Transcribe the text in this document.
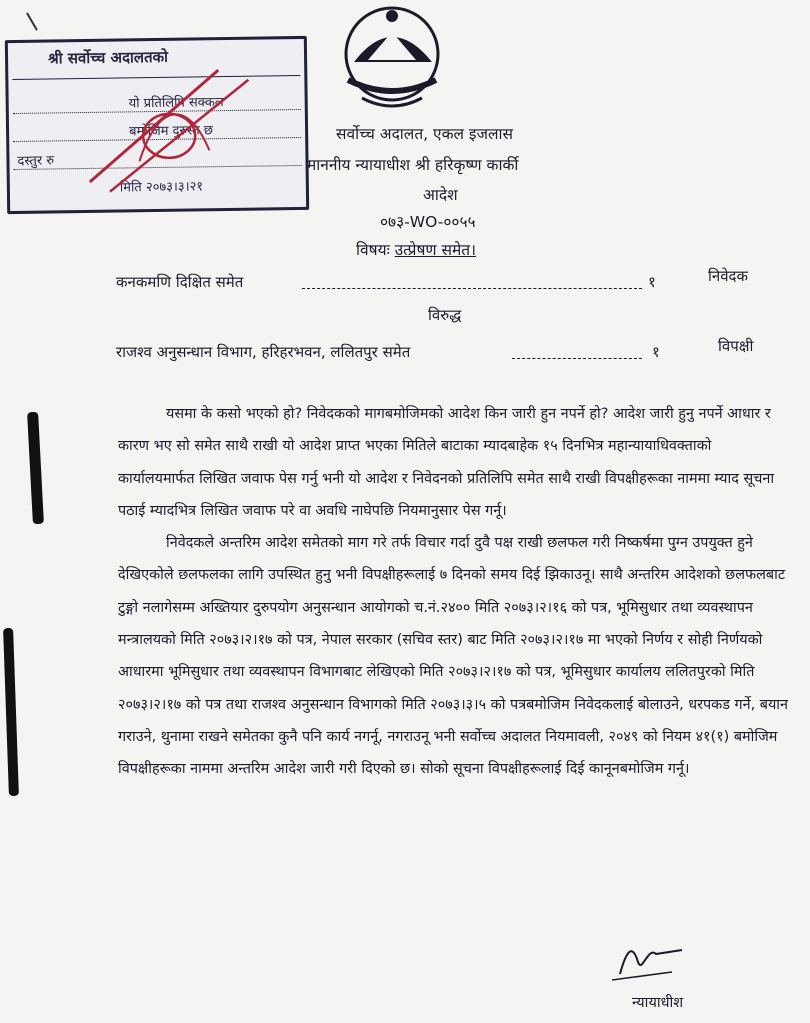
श्री सर्वोच्च अदालतको
यो प्रतिलिपि सक्कल
बमोजिम दुरुस्त छ
दस्तुर रु
मिति २०७३।३।२१
सर्वोच्च अदालत, एकल इजलास
माननीय न्यायाधीश श्री हरिकृष्ण कार्की
आदेश
०७३-WO-००५५
विषयः उत्प्रेषण समेत।
कनकमणि दिक्षित समेत	१	निवेदक
विरुद्ध
राजश्व अनुसन्धान विभाग, हरिहरभवन, ललितपुर समेत	१	विपक्षी

यसमा के कसो भएको हो? निवेदकको मागबमोजिमको आदेश किन जारी हुन नपर्ने हो? आदेश जारी हुनु नपर्ने आधार र कारण भए सो समेत साथै राखी यो आदेश प्राप्त भएका मितिले बाटाका म्यादबाहेक १५ दिनभित्र महान्यायाधिवक्ताको कार्यालयमार्फत लिखित जवाफ पेस गर्नु भनी यो आदेश र निवेदनको प्रतिलिपि समेत साथै राखी विपक्षीहरूका नाममा म्याद सूचना पठाई म्यादभित्र लिखित जवाफ परे वा अवधि नाघेपछि नियमानुसार पेस गर्नू।

निवेदकले अन्तरिम आदेश समेतको माग गरे तर्फ विचार गर्दा दुवै पक्ष राखी छलफल गरी निष्कर्षमा पुग्न उपयुक्त हुने देखिएकोले छलफलका लागि उपस्थित हुनु भनी विपक्षीहरूलाई ७ दिनको समय दिई झिकाउनू। साथै अन्तरिम आदेशको छलफलबाट टुङ्गो नलागेसम्म अख्तियार दुरुपयोग अनुसन्धान आयोगको च.नं.२४०० मिति २०७३।२।१६ को पत्र, भूमिसुधार तथा व्यवस्थापन मन्त्रालयको मिति २०७३।२।१७ को पत्र, नेपाल सरकार (सचिव स्तर) बाट मिति २०७३।२।१७ मा भएको निर्णय र सोही निर्णयको आधारमा भूमिसुधार तथा व्यवस्थापन विभागबाट लेखिएको मिति २०७३।२।१७ को पत्र, भूमिसुधार कार्यालय ललितपुरको मिति २०७३।२।१७ को पत्र तथा राजश्व अनुसन्धान विभागको मिति २०७३।३।५ को पत्रबमोजिम निवेदकलाई बोलाउने, धरपकड गर्ने, बयान गराउने, थुनामा राखने समेतका कुनै पनि कार्य नगर्नू, नगराउनू भनी सर्वोच्च अदालत नियमावली, २०४९ को नियम ४१(१) बमोजिम विपक्षीहरूका नाममा अन्तरिम आदेश जारी गरी दिएको छ। सोको सूचना विपक्षीहरूलाई दिई कानूनबमोजिम गर्नू।

न्यायाधीश
